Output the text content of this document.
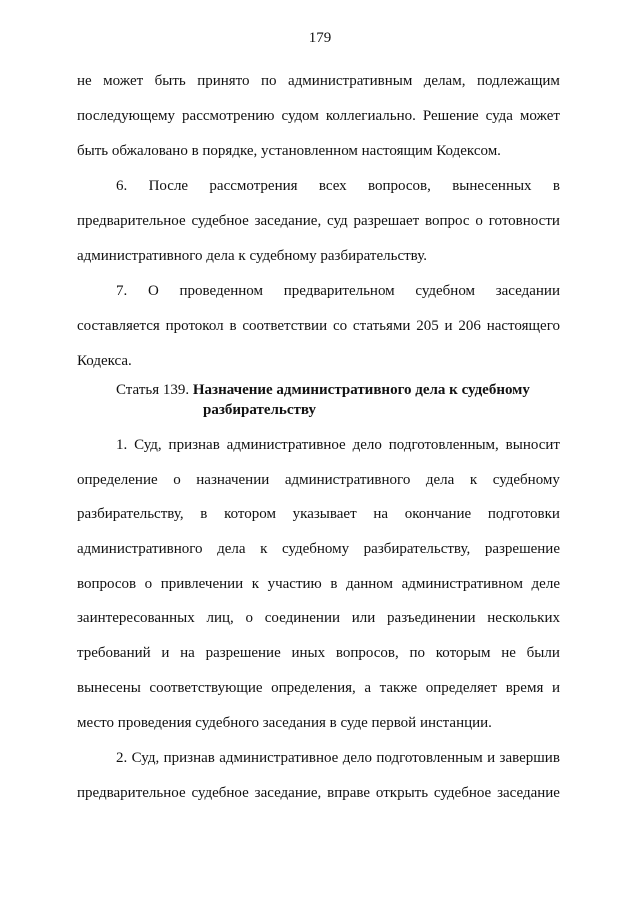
179
не может быть принято по административным делам, подлежащим
последующему рассмотрению судом коллегиально. Решение суда может
быть обжаловано в порядке, установленном настоящим Кодексом.
6. После рассмотрения всех вопросов, вынесенных в
предварительное судебное заседание, суд разрешает вопрос о готовности
административного дела к судебному разбирательству.
7. О проведенном предварительном судебном заседании
составляется протокол в соответствии со статьями 205 и 206 настоящего
Кодекса.
1. Суд, признав административное дело подготовленным, выносит
определение о назначении административного дела к судебному
разбирательству, в котором указывает на окончание подготовки
административного дела к судебному разбирательству, разрешение
вопросов о привлечении к участию в данном административном деле
заинтересованных лиц, о соединении или разъединении нескольких
требований и на разрешение иных вопросов, по которым не были
вынесены соответствующие определения, а также определяет время и
место проведения судебного заседания в суде первой инстанции.
2. Суд, признав административное дело подготовленным и завершив
предварительное судебное заседание, вправе открыть судебное заседание
Статья 139. Назначение административного дела к судебному
разбирательству
